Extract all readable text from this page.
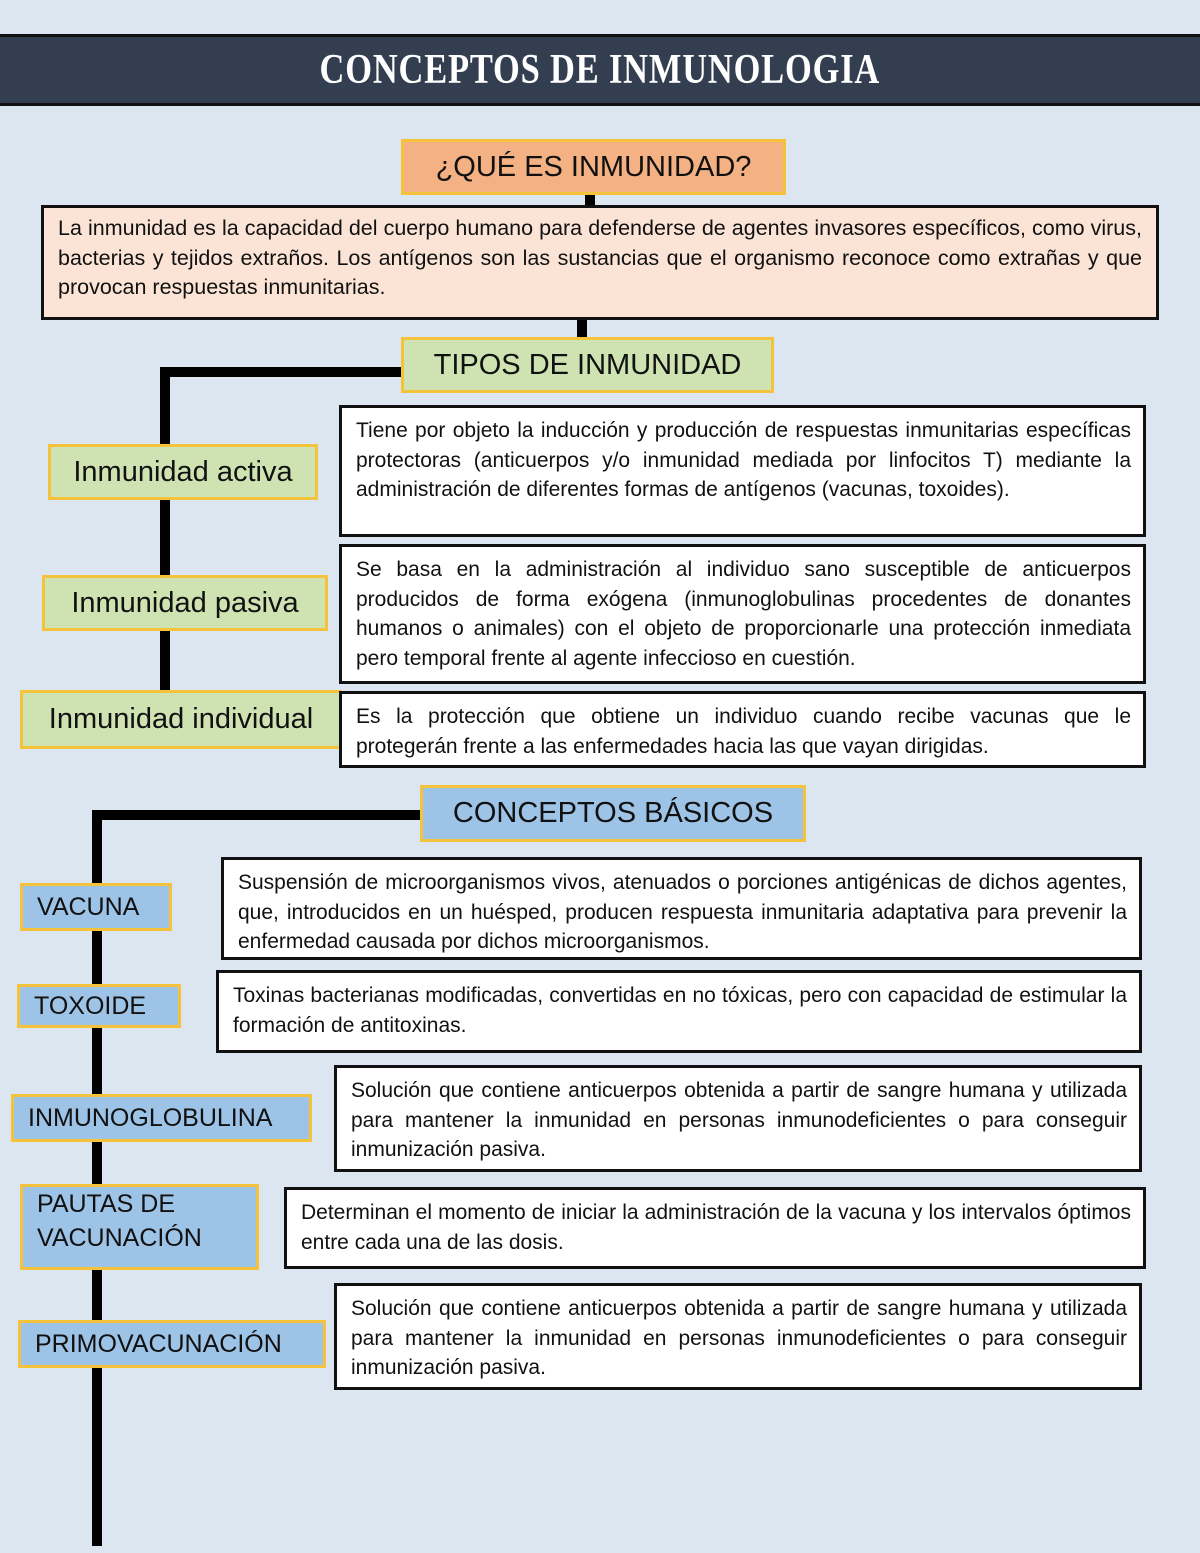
CONCEPTOS DE INMUNOLOGIA
¿QUÉ ES INMUNIDAD?
La inmunidad es la capacidad del cuerpo humano para defenderse de agentes invasores específicos, como virus, bacterias y tejidos extraños. Los antígenos son las sustancias que el organismo reconoce como extrañas y que provocan respuestas inmunitarias.
TIPOS DE INMUNIDAD
Inmunidad activa
Tiene por objeto la inducción y producción de respuestas inmunitarias específicas protectoras (anticuerpos y/o inmunidad mediada por linfocitos T) mediante la administración de diferentes formas de antígenos (vacunas, toxoides).
Inmunidad pasiva
Se basa en la administración al individuo sano susceptible de anticuerpos producidos de forma exógena (inmunoglobulinas procedentes de donantes humanos o animales) con el objeto de proporcionarle una protección inmediata pero temporal frente al agente infeccioso en cuestión.
Inmunidad individual	Es la protección que obtiene un individuo cuando recibe vacunas que le protegerán frente a las enfermedades hacia las que vayan dirigidas.
CONCEPTOS BÁSICOS
VACUNA
Suspensión de microorganismos vivos, atenuados o porciones antigénicas de dichos agentes, que, introducidos en un huésped, producen respuesta inmunitaria adaptativa para prevenir la enfermedad causada por dichos microorganismos.
TOXOIDE	Toxinas bacterianas modificadas, convertidas en no tóxicas, pero con capacidad de estimular la formación de antitoxinas.
INMUNOGLOBULINA
Solución que contiene anticuerpos obtenida a partir de sangre humana y utilizada para mantener la inmunidad en personas inmunodeficientes o para conseguir inmunización pasiva.
PAUTAS DE
VACUNACIÓN
Determinan el momento de iniciar la administración de la vacuna y los intervalos óptimos entre cada una de las dosis.
PRIMOVACUNACIÓN
Solución que contiene anticuerpos obtenida a partir de sangre humana y utilizada para mantener la inmunidad en personas inmunodeficientes o para conseguir inmunización pasiva.
